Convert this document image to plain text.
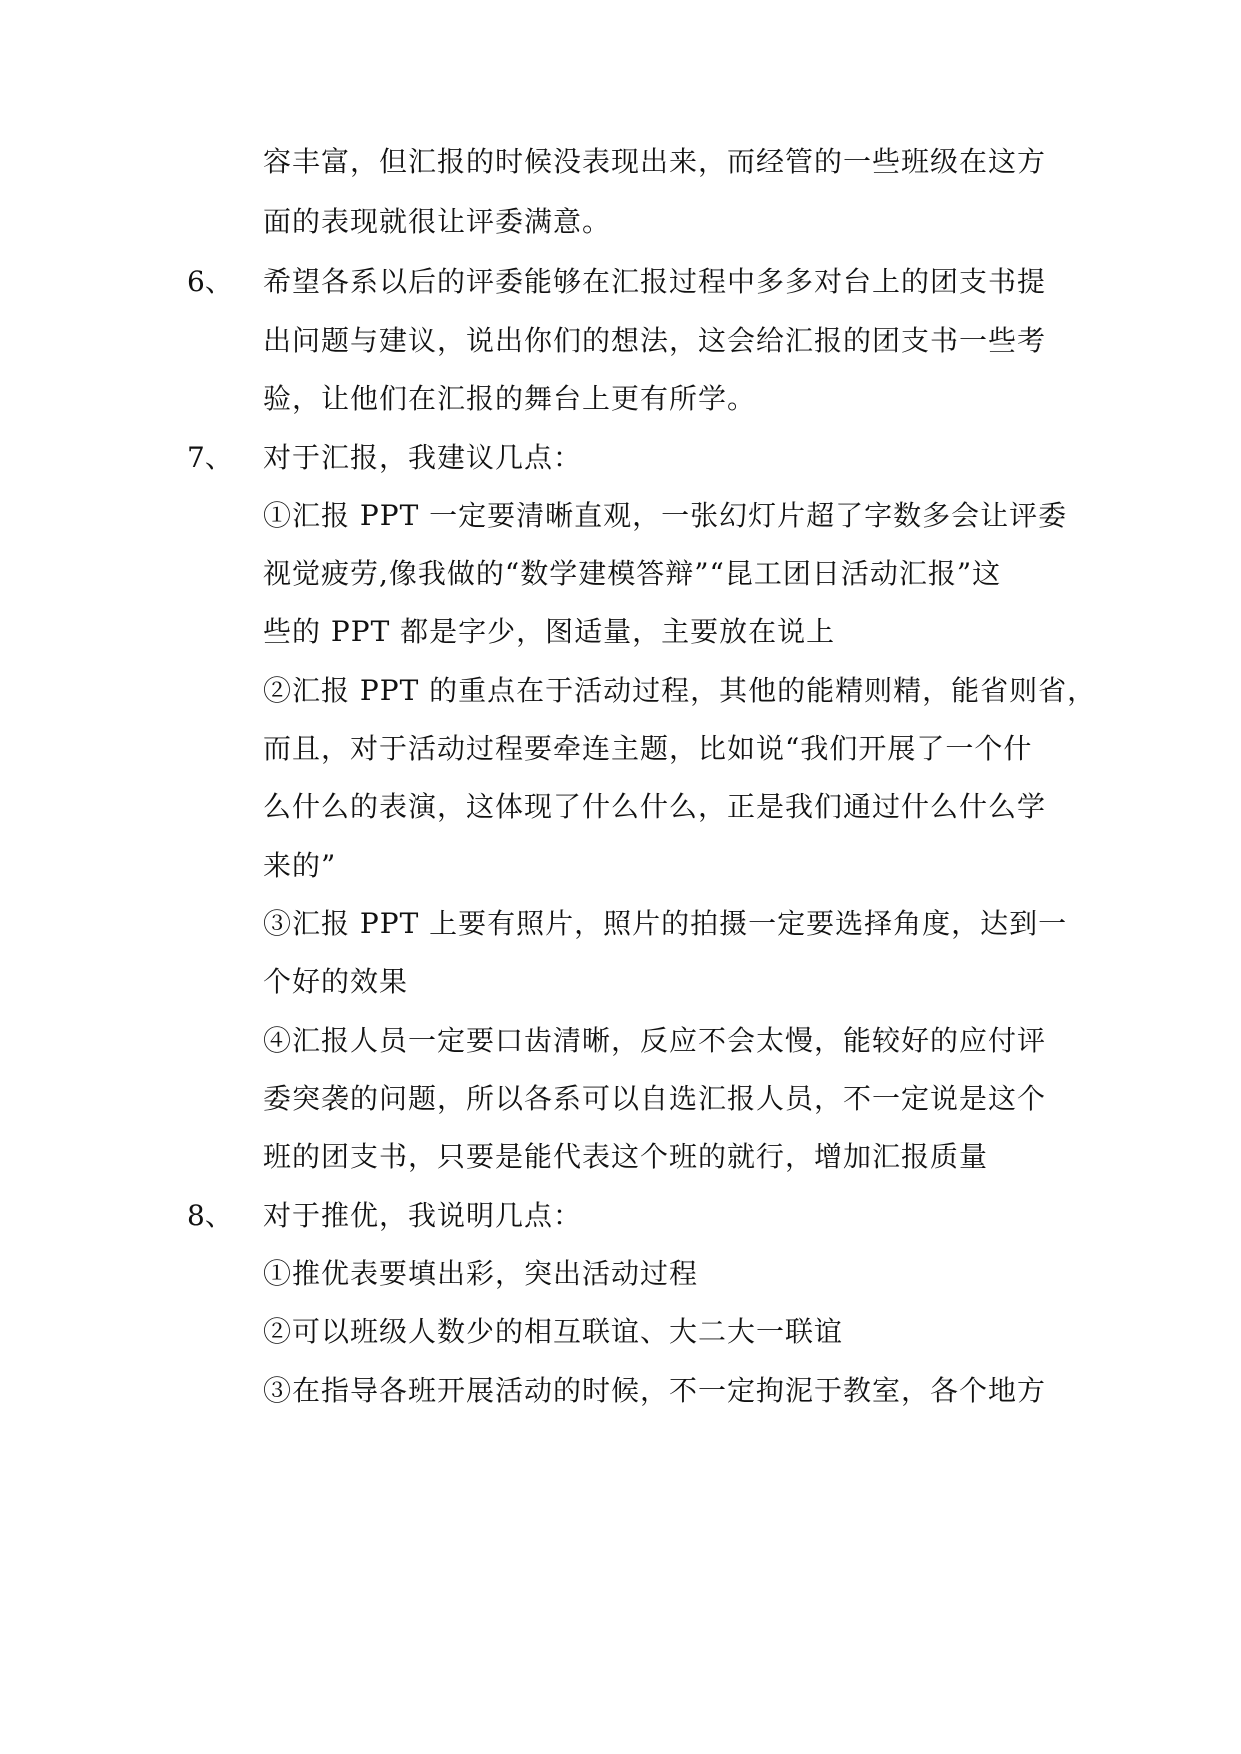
容丰富，但汇报的时候没表现出来，而经管的一些班级在这方
面的表现就很让评委满意。
6、 希望各系以后的评委能够在汇报过程中多多对台上的团支书提
出问题与建议，说出你们的想法，这会给汇报的团支书一些考
验，让他们在汇报的舞台上更有所学。
7、 对于汇报，我建议几点：
①汇报 PPT 一定要清晰直观，一张幻灯片超了字数多会让评委
视觉疲劳,像我做的“数学建模答辩”“昆工团日活动汇报”这
些的 PPT 都是字少，图适量，主要放在说上
②汇报 PPT 的重点在于活动过程，其他的能精则精，能省则省，
而且，对于活动过程要牵连主题，比如说“我们开展了一个什
么什么的表演，这体现了什么什么，正是我们通过什么什么学
来的”
③汇报 PPT 上要有照片，照片的拍摄一定要选择角度，达到一
个好的效果
④汇报人员一定要口齿清晰，反应不会太慢，能较好的应付评
委突袭的问题，所以各系可以自选汇报人员，不一定说是这个
班的团支书，只要是能代表这个班的就行，增加汇报质量
8、 对于推优，我说明几点：
①推优表要填出彩，突出活动过程
②可以班级人数少的相互联谊、大二大一联谊
③在指导各班开展活动的时候，不一定拘泥于教室，各个地方
